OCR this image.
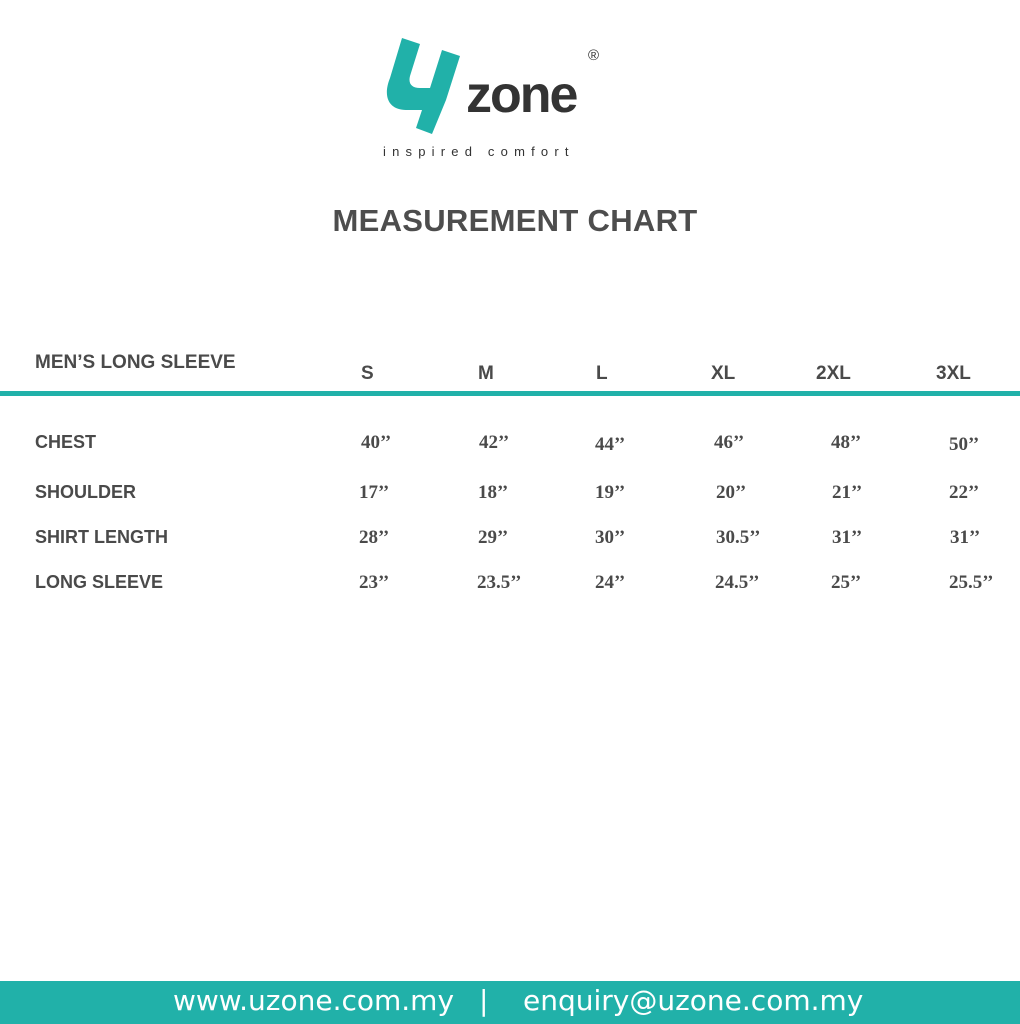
zone
®
inspired comfort
MEASUREMENT CHART
MEN’S LONG SLEEVE
S	M	L	XL	2XL	3XL
CHEST	40’’	42’’	44’’	46’’	48’’	50’’
SHOULDER	17’’	18’’	19’’	20’’	21’’	22’’
SHIRT LENGTH	28’’	29’’	30’’	30.5’’	31’’	31’’
LONG SLEEVE	23’’	23.5’’	24’’	24.5’’	25’’	25.5’’
www.uzone.com.my | enquiry@uzone.com.my
